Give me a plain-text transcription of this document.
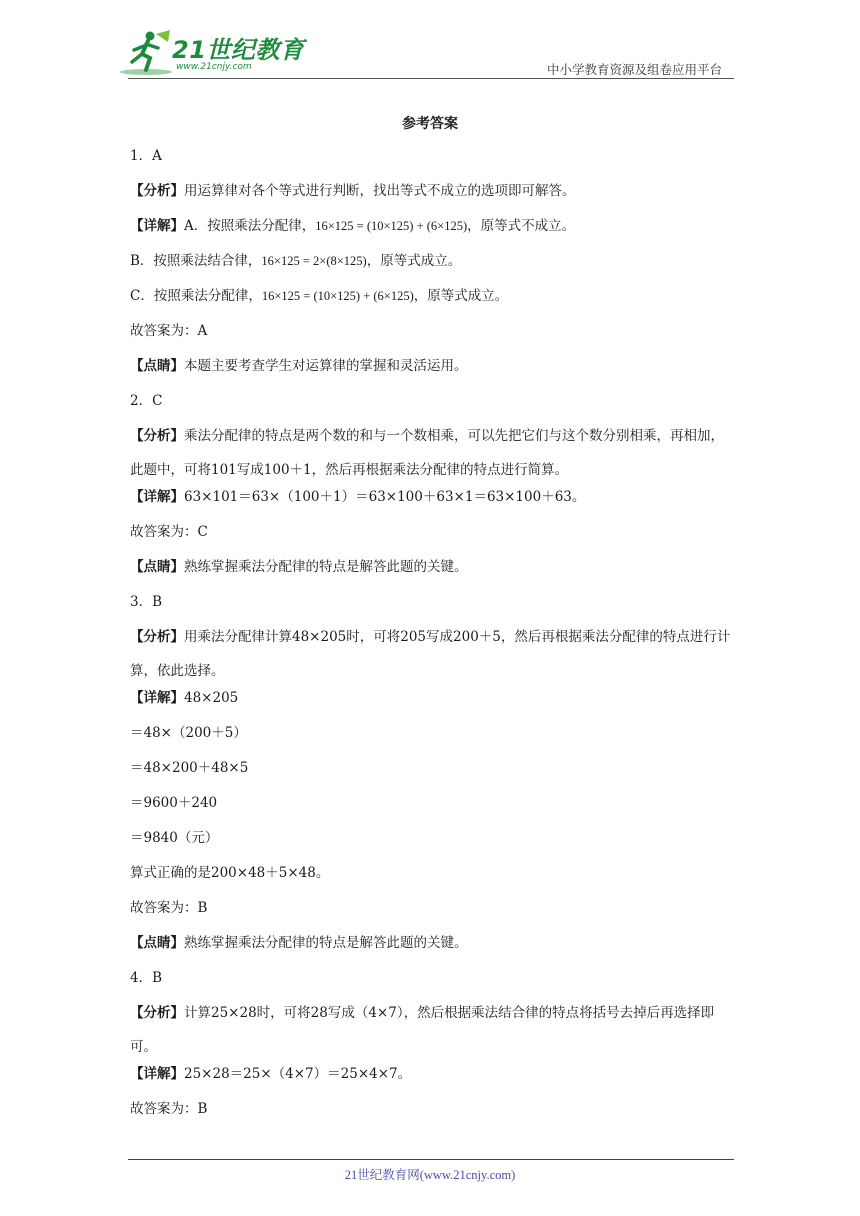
21世纪教育
www.21cnjy.com	中小学教育资源及组卷应用平台
参考答案
1．A
【分析】用运算律对各个等式进行判断，找出等式不成立的选项即可解答。
【详解】A．按照乘法分配律，16×125 = (10×125) + (6×125)，原等式不成立。
B．按照乘法结合律，16×125 = 2×(8×125)，原等式成立。
C．按照乘法分配律，16×125 = (10×125) + (6×125)，原等式成立。
故答案为：A
【点睛】本题主要考查学生对运算律的掌握和灵活运用。
2．C
【分析】乘法分配律的特点是两个数的和与一个数相乘，可以先把它们与这个数分别相乘，再相加，此题中，可将101写成100＋1，然后再根据乘法分配律的特点进行简算。
【详解】63×101＝63×（100＋1）＝63×100＋63×1＝63×100＋63。
故答案为：C
【点睛】熟练掌握乘法分配律的特点是解答此题的关键。
3．B
【分析】用乘法分配律计算48×205时，可将205写成200＋5，然后再根据乘法分配律的特点进行计算，依此选择。
【详解】48×205
＝48×（200＋5）
＝48×200＋48×5
＝9600＋240
＝9840（元）
算式正确的是200×48＋5×48。
故答案为：B
【点睛】熟练掌握乘法分配律的特点是解答此题的关键。
4．B
【分析】计算25×28时，可将28写成（4×7），然后根据乘法结合律的特点将括号去掉后再选择即可。
【详解】25×28＝25×（4×7）＝25×4×7。
故答案为：B
21世纪教育网(www.21cnjy.com)
